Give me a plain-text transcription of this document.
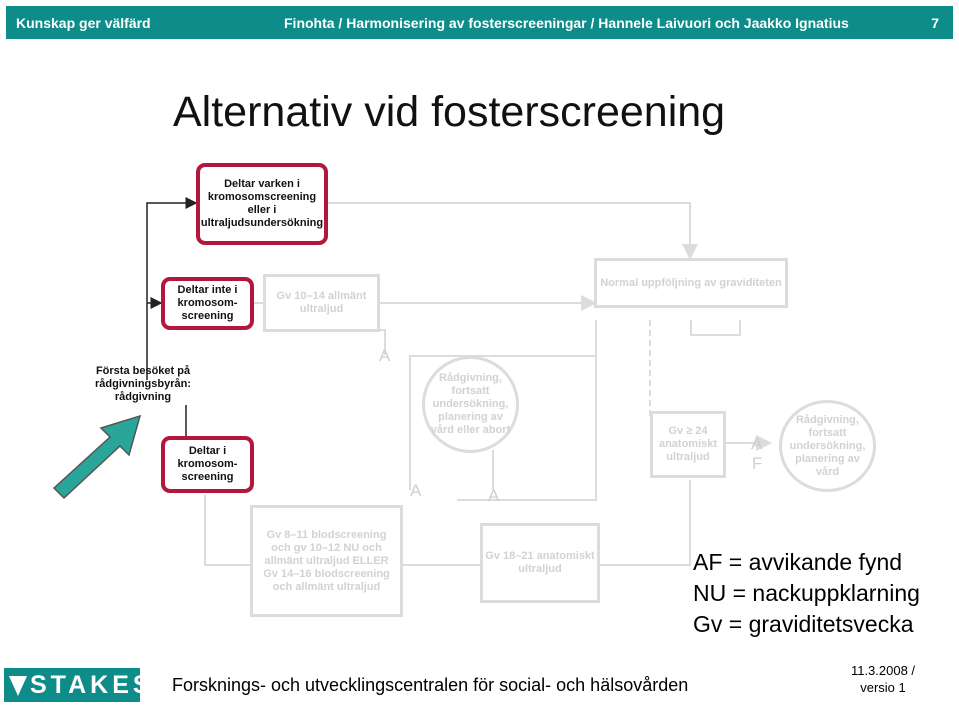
Kunskap ger välfärd	Finohta / Harmonisering av fosterscreeningar / Hannele Laivuori och Jaakko Ignatius	7
Alternativ vid fosterscreening
Deltar varken i kromosomscreening eller i ultraljudsundersökning
Deltar inte i kromosom-screening
Gv 10–14 allmänt ultraljud
Normal uppföljning av graviditeten
Första besöket på rådgivningsbyrån: rådgivning
Deltar i kromosom-screening
Rådgivning, fortsatt undersökning, planering av vård eller abort	Gv ≥ 24 anatomiskt ultraljud
Rådgivning, fortsatt undersökning, planering av vård
Gv 8–11 blodscreening och gv 10–12 NU och allmänt ultraljud ELLER Gv 14–16 blodscreening och allmänt ultraljud
Gv 18–21 anatomiskt ultraljud
A
A	A
A
F
AF = avvikande fynd
NU = nackuppklarning
Gv = graviditetsvecka
STAKES Forsknings- och utvecklingscentralen för social- och hälsovården
11.3.2008 /
versio 1
